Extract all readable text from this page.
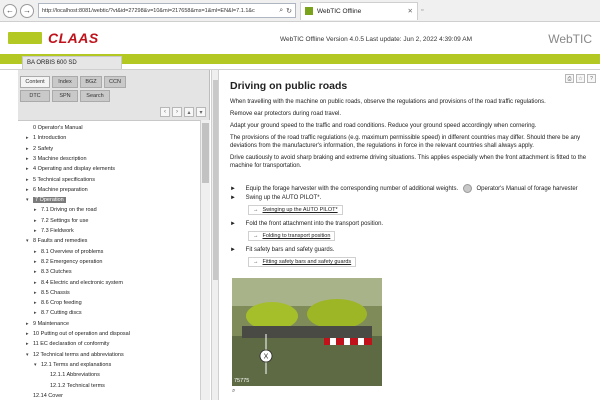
←	→	http://localhost:8081/webtic/?vt&id=27298&v=10&mi=217658&ms=1&ml=EN&l=7.1.1&c	⌕ ↻	WebTIC Offline	✕ ▫
CLAAS	WebTIC Offline Version 4.0.5 Last update: Jun 2, 2022 4:39:09 AM	WebTIC
BA ORBIS 600 SD
Content	Index	BGZ	CCN
DTC	SPN	Search
‹	›	▴	▾
0 Operator's Manual
▸ 1 Introduction
▸ 2 Safety
▸ 3 Machine description
▸ 4 Operating and display elements
▸ 5 Technical specifications
▸ 6 Machine preparation
▾ 7 Operation
▸ 7.1 Driving on the road
▸ 7.2 Settings for use
▸ 7.3 Fieldwork
▾ 8 Faults and remedies
▸ 8.1 Overview of problems
▸ 8.2 Emergency operation
▸ 8.3 Clutches
▸ 8.4 Electric and electronic system
▸ 8.5 Chassis
▸ 8.6 Crop feeding
▸ 8.7 Cutting discs
▸ 9 Maintenance
▸ 10 Putting out of operation and disposal
▸ 11 EC declaration of conformity
▾ 12 Technical terms and abbreviations
▾ 12.1 Terms and explanations
12.1.1 Abbreviations
12.1.2 Technical terms
12.14 Cover
⎙	☆	?
Driving on public roads
When travelling with the machine on public roads, observe the regulations and provisions of the road traffic regulations.
Remove ear protectors during road travel.
Adapt your ground speed to the traffic and road conditions. Reduce your ground speed accordingly when cornering.
The provisions of the road traffic regulations (e.g. maximum permissible speed) in different countries may differ. Should there be any deviations from the manufacturer's information, the regulations in force in the relevant countries shall always apply.
Drive cautiously to avoid sharp braking and extreme driving situations. This applies especially when the front attachment is fitted to the machine for transportation.
► Equip the forage harvester with the corresponding number of additional weights.	Operator's Manual of forage harvester
► Swing up the AUTO PILOT*.
→ Swinging up the AUTO PILOT*
► Fold the front attachment into the transport position.
→ Folding to transport position
► Fit safety bars and safety guards.
→ Fitting safety bars and safety guards
X
75775
⌕
